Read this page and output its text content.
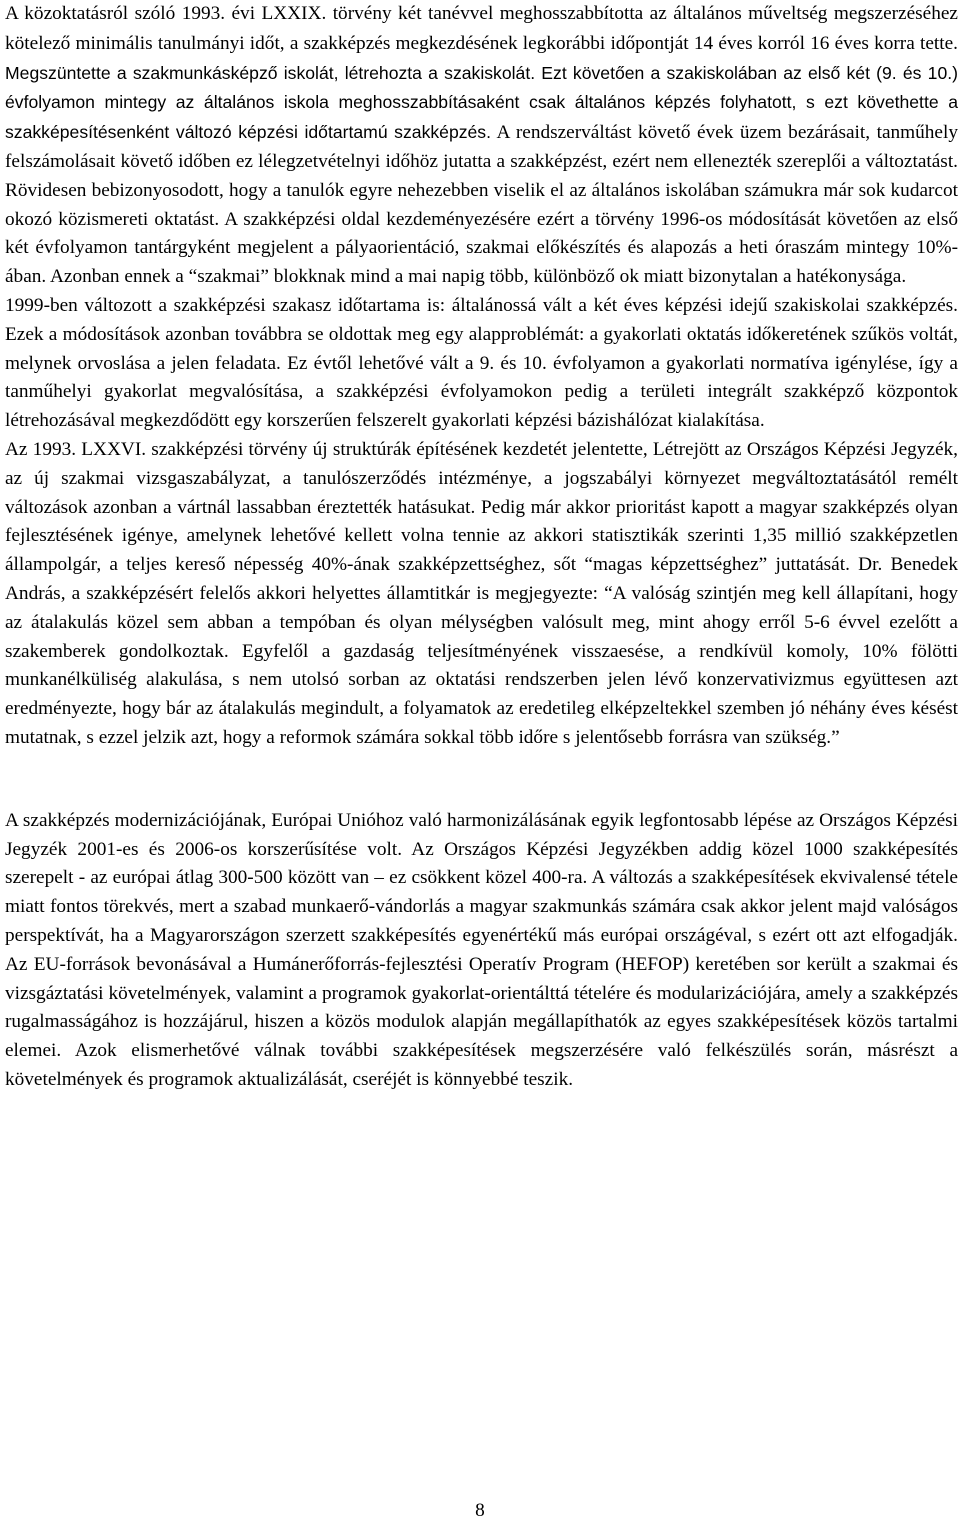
A közoktatásról szóló 1993. évi LXXIX. törvény két tanévvel meghosszabbította az általános műveltség megszerzéséhez kötelező minimális tanulmányi időt, a szakképzés megkezdésének legkorábbi időpontját 14 éves korról 16 éves korra tette. Megszüntette a szakmunkásképző iskolát, létrehozta a szakiskolát. Ezt követően a szakiskolában az első két (9. és 10.) évfolyamon mintegy az általános iskola meghosszabbításaként csak általános képzés folyhatott, s ezt követhette a szakképesítésenként változó képzési időtartamú szakképzés. A rendszerváltást követő évek üzem bezárásait, tanműhely felszámolásait követő időben ez lélegzetvételnyi időhöz jutatta a szakképzést, ezért nem ellenezték szereplői a változtatást. Rövidesen bebizonyosodott, hogy a tanulók egyre nehezebben viselik el az általános iskolában számukra már sok kudarcot okozó közismereti oktatást. A szakképzési oldal kezdeményezésére ezért a törvény 1996-os módosítását követően az első két évfolyamon tantárgyként megjelent a pályaorientáció, szakmai előkészítés és alapozás a heti óraszám mintegy 10%-ában. Azonban ennek a “szakmai” blokknak mind a mai napig több, különböző ok miatt bizonytalan a hatékonysága.

1999-ben változott a szakképzési szakasz időtartama is: általánossá vált a két éves képzési idejű szakiskolai szakképzés. Ezek a módosítások azonban továbbra se oldottak meg egy alapproblémát: a gyakorlati oktatás időkeretének szűkös voltát, melynek orvoslása a jelen feladata. Ez évtől lehetővé vált a 9. és 10. évfolyamon a gyakorlati normatíva igénylése, így a tanműhelyi gyakorlat megvalósítása, a szakképzési évfolyamokon pedig a területi integrált szakképző központok létrehozásával megkezdődött egy korszerűen felszerelt gyakorlati képzési bázishálózat kialakítása.

Az 1993. LXXVI. szakképzési törvény új struktúrák építésének kezdetét jelentette, Létrejött az Országos Képzési Jegyzék, az új szakmai vizsgaszabályzat, a tanulószerződés intézménye, a jogszabályi környezet megváltoztatásától remélt változások azonban a vártnál lassabban éreztették hatásukat. Pedig már akkor prioritást kapott a magyar szakképzés olyan fejlesztésének igénye, amelynek lehetővé kellett volna tennie az akkori statisztikák szerinti 1,35 millió szakképzetlen állampolgár, a teljes kereső népesség 40%-ának szakképzettséghez, sőt “magas képzettséghez” juttatását. Dr. Benedek András, a szakképzésért felelős akkori helyettes államtitkár is megjegyezte: “A valóság szintjén meg kell állapítani, hogy az átalakulás közel sem abban a tempóban és olyan mélységben valósult meg, mint ahogy erről 5-6 évvel ezelőtt a szakemberek gondolkoztak. Egyfelől a gazdaság teljesítményének visszaesése, a rendkívül komoly, 10% fölötti munkanélküliség alakulása, s nem utolsó sorban az oktatási rendszerben jelen lévő konzervativizmus együttesen azt eredményezte, hogy bár az átalakulás megindult, a folyamatok az eredetileg elképzeltekkel szemben jó néhány éves késést mutatnak, s ezzel jelzik azt, hogy a reformok számára sokkal több időre s jelentősebb forrásra van szükség.”

A szakképzés modernizációjának, Európai Unióhoz való harmonizálásának egyik legfontosabb lépése az Országos Képzési Jegyzék 2001-es és 2006-os korszerűsítése volt. Az Országos Képzési Jegyzékben addig közel 1000 szakképesítés szerepelt - az európai átlag 300-500 között van – ez csökkent közel 400-ra. A változás a szakképesítések ekvivalensé tétele miatt fontos törekvés, mert a szabad munkaerő-vándorlás a magyar szakmunkás számára csak akkor jelent majd valóságos perspektívát, ha a Magyarországon szerzett szakképesítés egyenértékű más európai országéval, s ezért ott azt elfogadják. Az EU-források bevonásával a Humánerőforrás-fejlesztési Operatív Program (HEFOP) keretében sor került a szakmai és vizsgáztatási követelmények, valamint a programok gyakorlat-orientálttá tételére és modularizációjára, amely a szakképzés rugalmasságához is hozzájárul, hiszen a közös modulok alapján megállapíthatók az egyes szakképesítések közös tartalmi elemei. Azok elismerhetővé válnak további szakképesítések megszerzésére való felkészülés során, másrészt a követelmények és programok aktualizálását, cseréjét is könnyebbé teszik.

8
